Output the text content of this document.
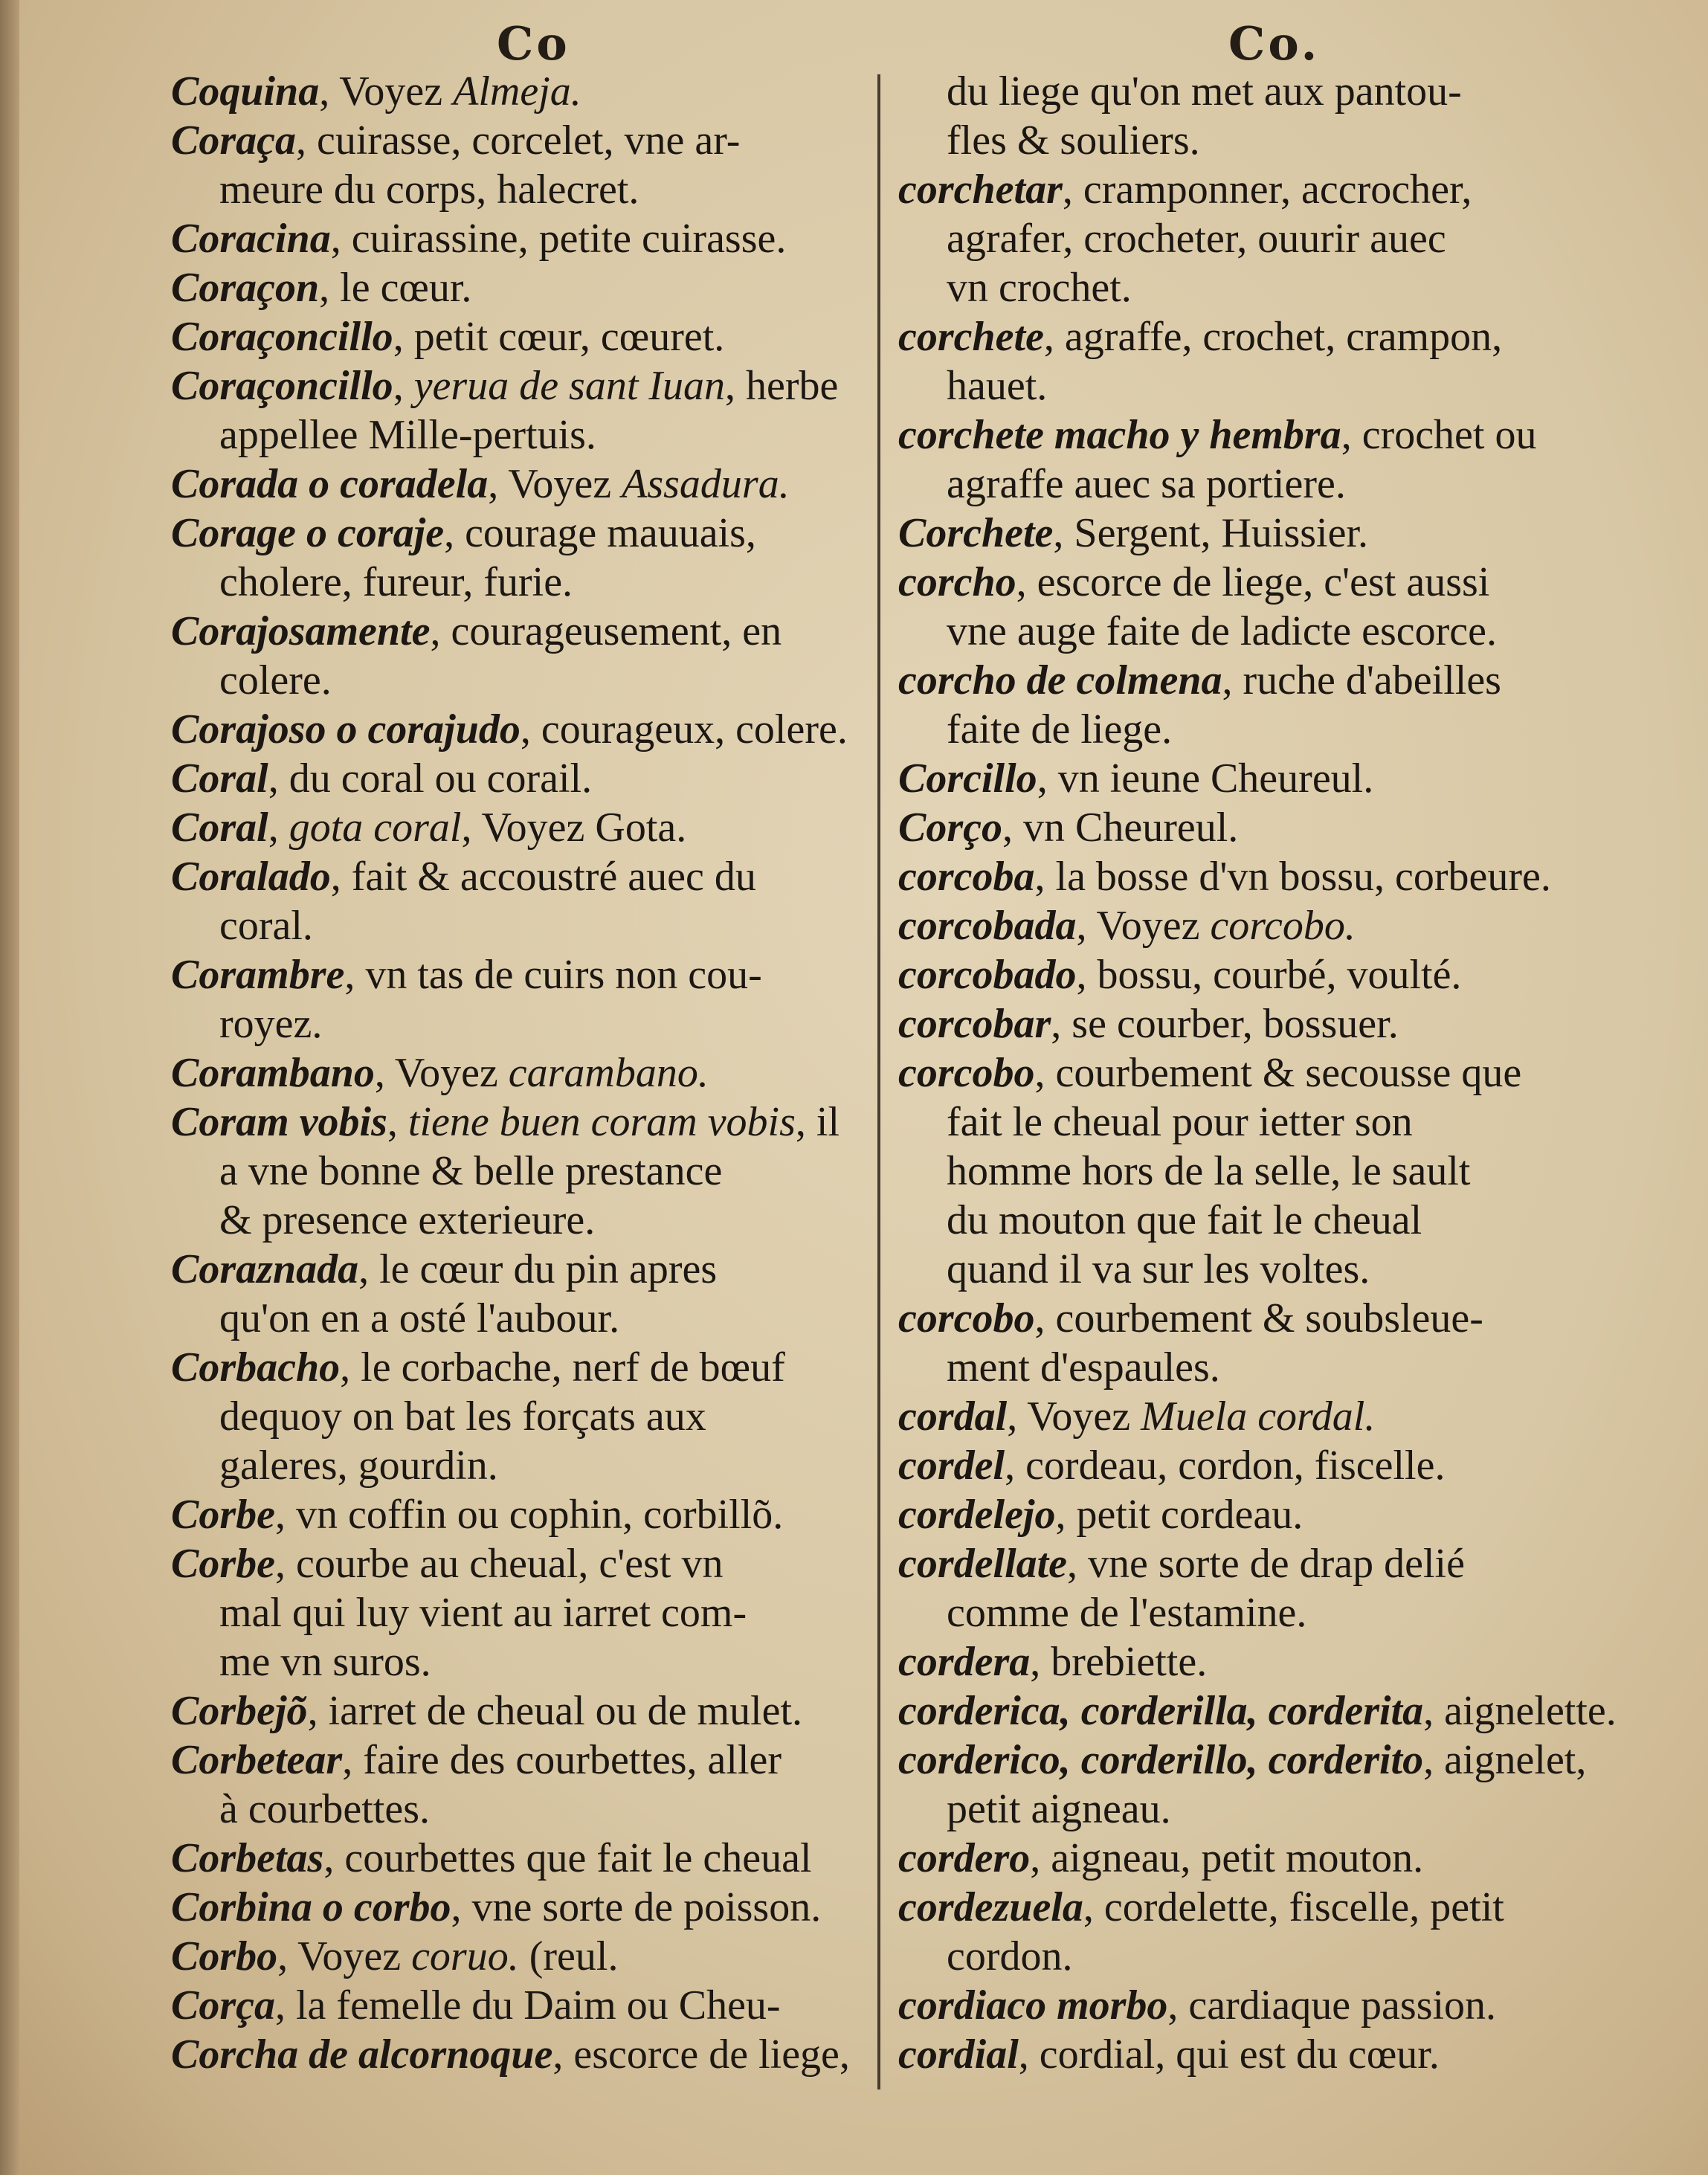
Co	Co.
Coquina, Voyez Almeja.
Coraça, cuirasse, corcelet, vne ar-
meure du corps, halecret.
Coracina, cuirassine, petite cuirasse.
Coraçon, le cœur.
Coraçoncillo, petit cœur, cœuret.
Coraçoncillo, yerua de sant Iuan, herbe
appellee Mille-pertuis.
Corada o coradela, Voyez Assadura.
Corage o coraje, courage mauuais,
cholere, fureur, furie.
Corajosamente, courageusement, en
colere.
Corajoso o corajudo, courageux, colere.
Coral, du coral ou corail.
Coral, gota coral, Voyez Gota.
Coralado, fait & accoustré auec du
coral.
Corambre, vn tas de cuirs non cou-
royez.
Corambano, Voyez carambano.
Coram vobis, tiene buen coram vobis, il
a vne bonne & belle prestance
& presence exterieure.
Coraznada, le cœur du pin apres
qu'on en a osté l'aubour.
Corbacho, le corbache, nerf de bœuf
dequoy on bat les forçats aux
galeres, gourdin.
Corbe, vn coffin ou cophin, corbillõ.
Corbe, courbe au cheual, c'est vn
mal qui luy vient au iarret com-
me vn suros.
Corbejõ, iarret de cheual ou de mulet.
Corbetear, faire des courbettes, aller
à courbettes.
Corbetas, courbettes que fait le cheual
Corbina o corbo, vne sorte de poisson.
Corbo, Voyez coruo. (reul.
Corça, la femelle du Daim ou Cheu-
Corcha de alcornoque, escorce de liege,
du liege qu'on met aux pantou-
fles & souliers.
corchetar, cramponner, accrocher,
agrafer, crocheter, ouurir auec
vn crochet.
corchete, agraffe, crochet, crampon,
hauet.
corchete macho y hembra, crochet ou
agraffe auec sa portiere.
Corchete, Sergent, Huissier.
corcho, escorce de liege, c'est aussi
vne auge faite de ladicte escorce.
corcho de colmena, ruche d'abeilles
faite de liege.
Corcillo, vn ieune Cheureul.
Corço, vn Cheureul.
corcoba, la bosse d'vn bossu, corbeure.
corcobada, Voyez corcobo.
corcobado, bossu, courbé, voulté.
corcobar, se courber, bossuer.
corcobo, courbement & secousse que
fait le cheual pour ietter son
homme hors de la selle, le sault
du mouton que fait le cheual
quand il va sur les voltes.
corcobo, courbement & soubsleue-
ment d'espaules.
cordal, Voyez Muela cordal.
cordel, cordeau, cordon, fiscelle.
cordelejo, petit cordeau.
cordellate, vne sorte de drap delié
comme de l'estamine.
cordera, brebiette.
corderica, corderilla, corderita, aignelette.
corderico, corderillo, corderito, aignelet,
petit aigneau.
cordero, aigneau, petit mouton.
cordezuela, cordelette, fiscelle, petit
cordon.
cordiaco morbo, cardiaque passion.
cordial, cordial, qui est du cœur.
